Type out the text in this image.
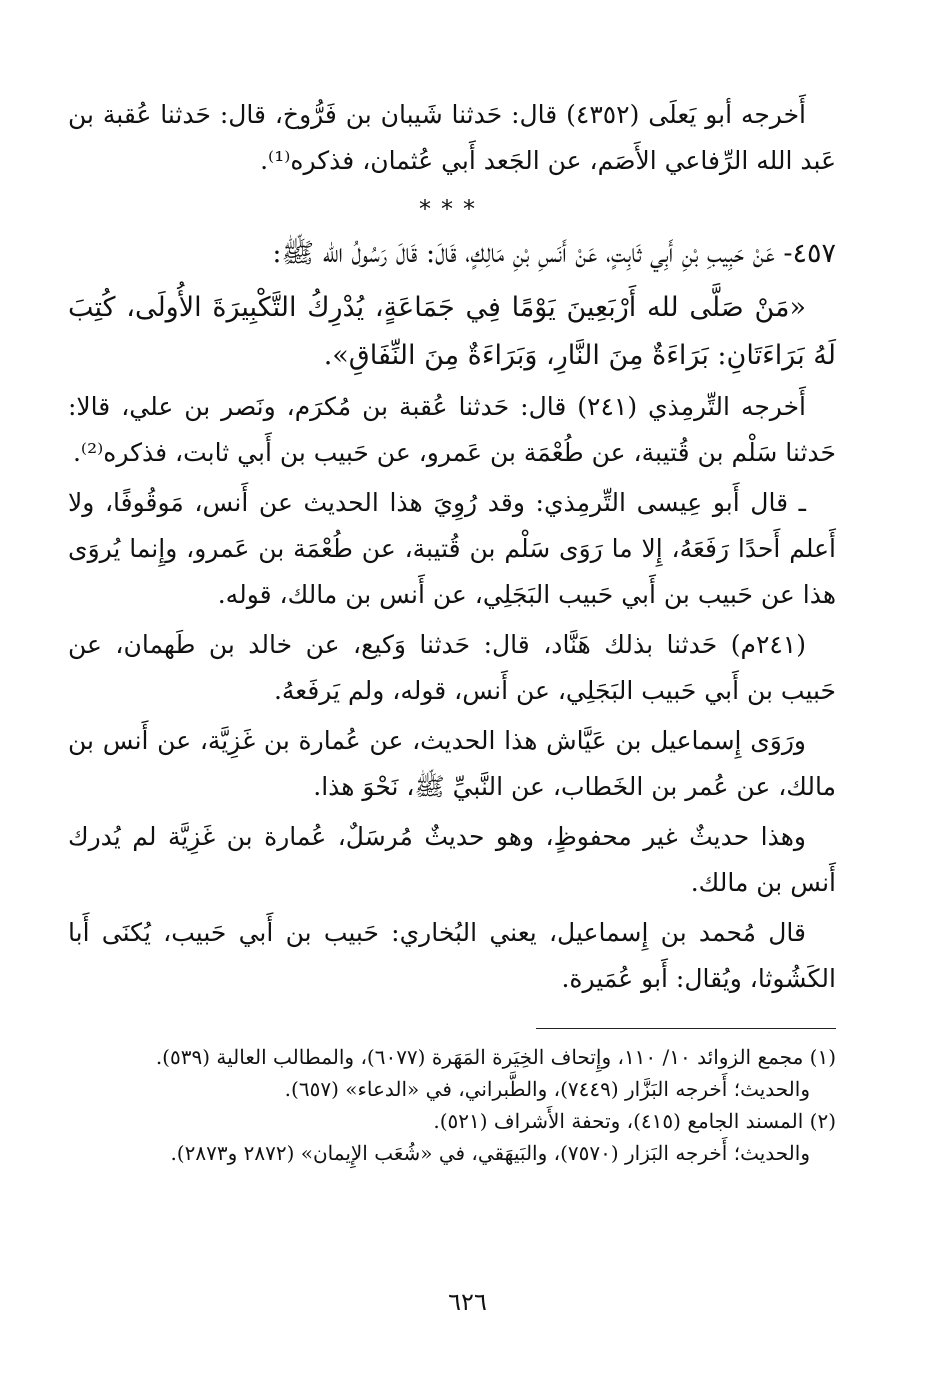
أَخرجه أبو يَعلَى (٤٣٥٢) قال: حَدثنا شَيبان بن فَرُّوخ، قال: حَدثنا عُقبة بن عَبد الله الرِّفاعي الأَصَم، عن الجَعد أَبي عُثمان، فذكره⁽¹⁾.

***

٤٥٧- عَنْ حَبِيبِ بْنِ أَبِي ثَابِتٍ، عَنْ أَنَسِ بْنِ مَالِكٍ، قَالَ: قَالَ رَسُولُ الله ﷺ:

«مَنْ صَلَّى لله أَرْبَعِينَ يَوْمًا فِي جَمَاعَةٍ، يُدْرِكُ التَّكْبِيرَةَ الأُولَى، كُتِبَ لَهُ بَرَاءَتَانِ: بَرَاءَةٌ مِنَ النَّارِ، وَبَرَاءَةٌ مِنَ النِّفَاقِ».

أَخرجه التِّرمِذي (٢٤١) قال: حَدثنا عُقبة بن مُكرَم، ونَصر بن علي، قالا: حَدثنا سَلْم بن قُتيبة، عن طُعْمَة بن عَمرو، عن حَبيب بن أَبي ثابت، فذكره⁽²⁾.

ـ قال أَبو عِيسى التِّرمِذي: وقد رُوِيَ هذا الحديث عن أَنس، مَوقُوفًا، ولا أَعلم أَحدًا رَفَعَهُ، إِلا ما رَوَى سَلْم بن قُتيبة، عن طُعْمَة بن عَمرو، وإِنما يُروَى هذا عن حَبيب بن أَبي حَبيب البَجَلِي، عن أَنس بن مالك، قوله.

(٢٤١م) حَدثنا بذلك هَنَّاد، قال: حَدثنا وَكيع، عن خالد بن طَهمان، عن حَبيب بن أَبي حَبيب البَجَلِي، عن أَنس، قوله، ولم يَرفَعهُ.

ورَوَى إِسماعيل بن عَيَّاش هذا الحديث، عن عُمارة بن غَزِيَّة، عن أَنس بن مالك، عن عُمر بن الخَطاب، عن النَّبيِّ ﷺ، نَحْوَ هذا.

وهذا حديثٌ غير محفوظٍ، وهو حديثٌ مُرسَلٌ، عُمارة بن غَزِيَّة لم يُدرك أَنس بن مالك.

قال مُحمد بن إِسماعيل، يعني البُخاري: حَبيب بن أَبي حَبيب، يُكنَى أَبا الكَشُوثا، ويُقال: أَبو عُمَيرة.

(١) مجمع الزوائد ١٠/ ١١٠، وإِتحاف الخِيَرة المَهَرة (٦٠٧٧)، والمطالب العالية (٥٣٩).

والحديث؛ أَخرجه البَزَّار (٧٤٤٩)، والطَّبراني، في «الدعاء» (٦٥٧).

(٢) المسند الجامع (٤١٥)، وتحفة الأَشراف (٥٢١).

والحديث؛ أَخرجه البَزار (٧٥٧٠)، والبَيهَقي، في «شُعَب الإِيمان» (٢٨٧٢ و٢٨٧٣).

٦٢٦
